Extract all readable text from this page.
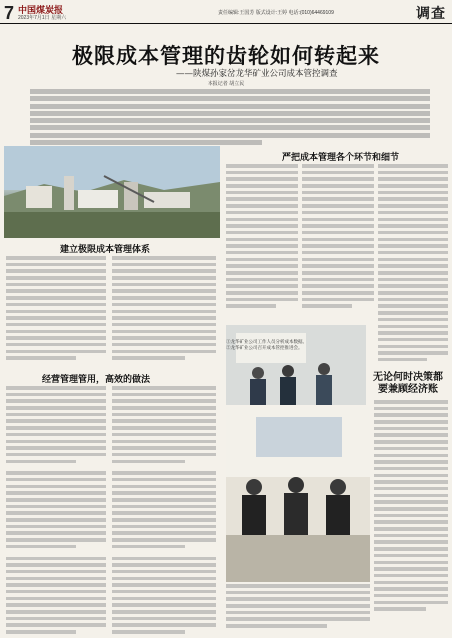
7 中国煤炭报
2023年7月1日 星期六
责任编辑:王国芳 版式设计:王婷 电话:(010)64469109	调查
极限成本管理的齿轮如何转起来
——陕煤孙家岔龙华矿业公司成本管控调查
本报记者 胡立民
建立极限成本管理体系
经营管理管用，高效的做法
严把成本管理各个环节和细节
①龙华矿业公司工作人员分析成本数据。
②龙华矿业公司召开成本管控推进会。
无论何时决策都要兼顾经济账
